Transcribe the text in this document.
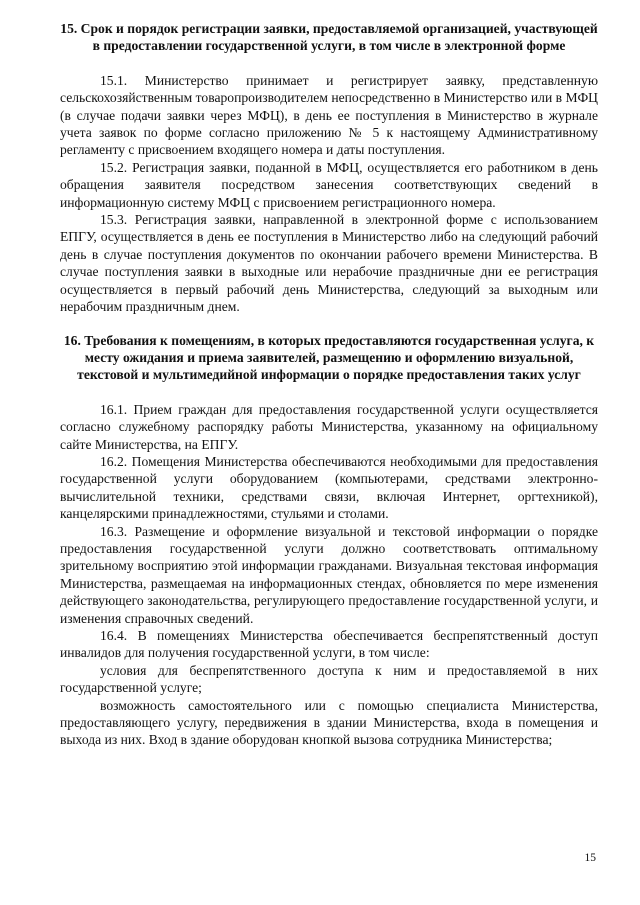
15. Срок и порядок регистрации заявки, предоставляемой организацией, участвующей в предоставлении государственной услуги, в том числе в электронной форме

15.1. Министерство принимает и регистрирует заявку, представленную сельскохозяйственным товаропроизводителем непосредственно в Министерство или в МФЦ (в случае подачи заявки через МФЦ), в день ее поступления в Министерство в журнале учета заявок по форме согласно приложению № 5 к настоящему Административному регламенту с присвоением входящего номера и даты поступления.

15.2. Регистрация заявки, поданной в МФЦ, осуществляется его работником в день обращения заявителя посредством занесения соответствующих сведений в информационную систему МФЦ с присвоением регистрационного номера.

15.3. Регистрация заявки, направленной в электронной форме с использованием ЕПГУ, осуществляется в день ее поступления в Министерство либо на следующий рабочий день в случае поступления документов по окончании рабочего времени Министерства. В случае поступления заявки в выходные или нерабочие праздничные дни ее регистрация осуществляется в первый рабочий день Министерства, следующий за выходным или нерабочим праздничным днем.

16. Требования к помещениям, в которых предоставляются государственная услуга, к месту ожидания и приема заявителей, размещению и оформлению визуальной, текстовой и мультимедийной информации о порядке предоставления таких услуг

16.1. Прием граждан для предоставления государственной услуги осуществляется согласно служебному распорядку работы Министерства, указанному на официальному сайте Министерства, на ЕПГУ.

16.2. Помещения Министерства обеспечиваются необходимыми для предоставления государственной услуги оборудованием (компьютерами, средствами электронно-вычислительной техники, средствами связи, включая Интернет, оргтехникой), канцелярскими принадлежностями, стульями и столами.

16.3. Размещение и оформление визуальной и текстовой информации о порядке предоставления государственной услуги должно соответствовать оптимальному зрительному восприятию этой информации гражданами. Визуальная текстовая информация Министерства, размещаемая на информационных стендах, обновляется по мере изменения действующего законодательства, регулирующего предоставление государственной услуги, и изменения справочных сведений.

16.4. В помещениях Министерства обеспечивается беспрепятственный доступ инвалидов для получения государственной услуги, в том числе:

условия для беспрепятственного доступа к ним и предоставляемой в них государственной услуге;

возможность самостоятельного или с помощью специалиста Министерства, предоставляющего услугу, передвижения в здании Министерства, входа в помещения и выхода из них. Вход в здание оборудован кнопкой вызова сотрудника Министерства;

15
